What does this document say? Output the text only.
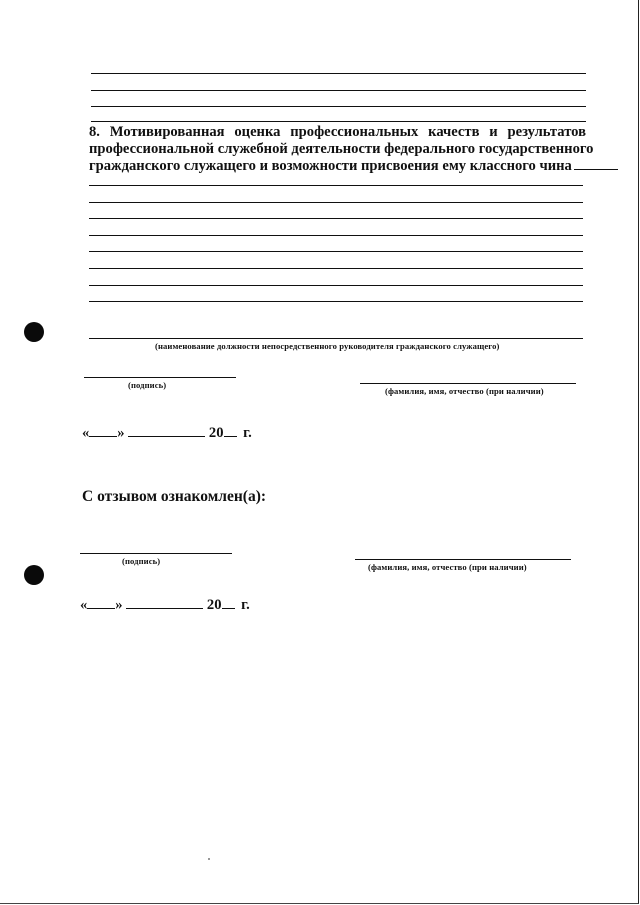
8. Мотивированная оценка профессиональных качеств и результатов
профессиональной служебной деятельности федерального государственного
гражданского служащего и возможности присвоения ему классного чина
(наименование должности непосредственного руководителя гражданского служащего)
(подпись)
(фамилия, имя, отчество (при наличии)
« »	20 г.
С отзывом ознакомлен(а):
(подпись)
(фамилия, имя, отчество (при наличии)
« »	20 г.
